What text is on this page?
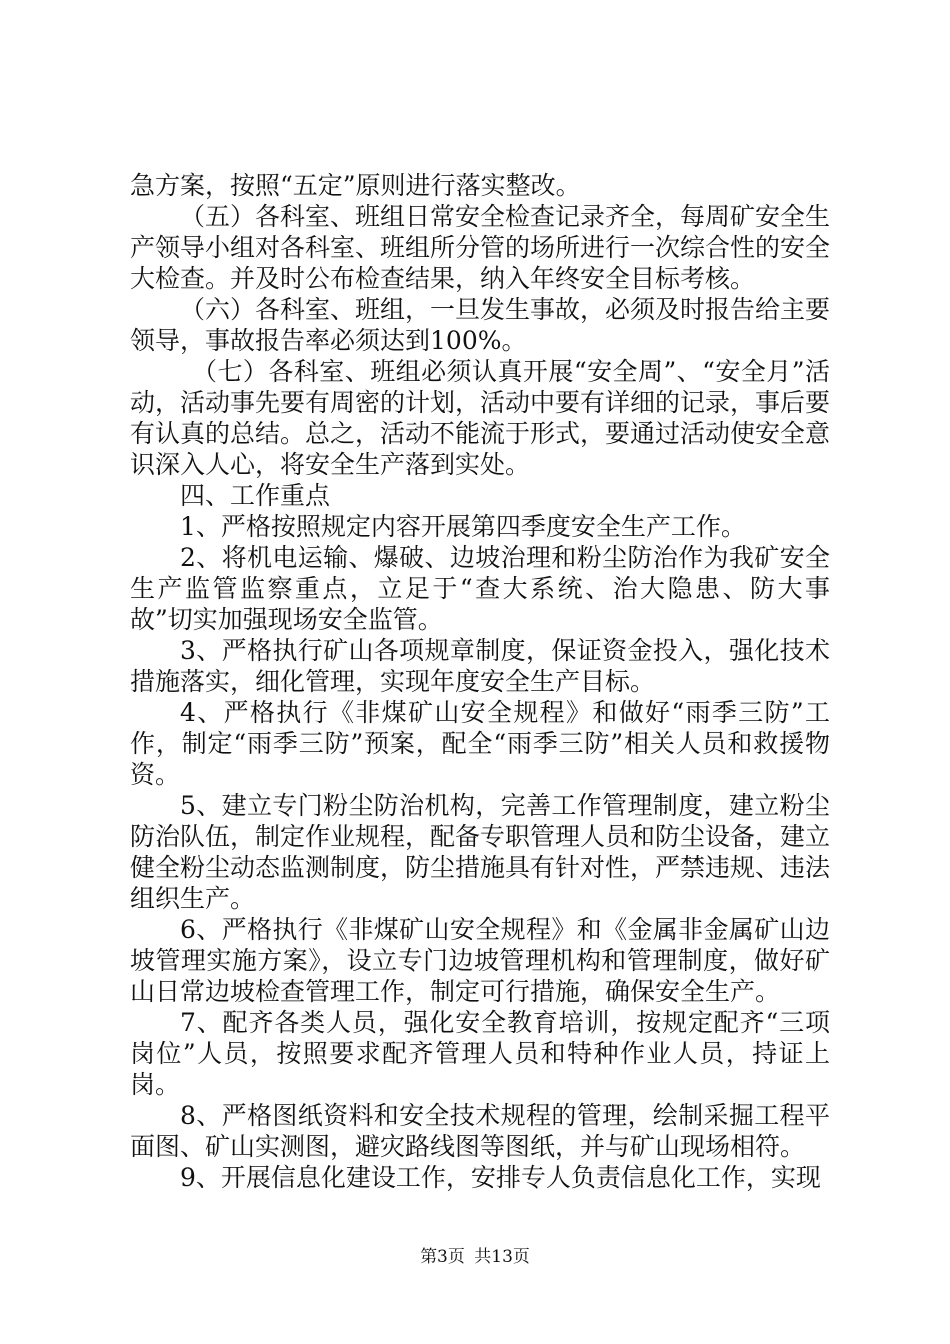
急方案，按照“五定”原则进行落实整改。

（五）各科室、班组日常安全检查记录齐全，每周矿安全生产领导小组对各科室、班组所分管的场所进行一次综合性的安全大检查。并及时公布检查结果，纳入年终安全目标考核。

（六）各科室、班组，一旦发生事故，必须及时报告给主要领导，事故报告率必须达到100%。

（七）各科室、班组必须认真开展“安全周”、“安全月”活动，活动事先要有周密的计划，活动中要有详细的记录，事后要有认真的总结。总之，活动不能流于形式，要通过活动使安全意识深入人心，将安全生产落到实处。

四、工作重点

1、严格按照规定内容开展第四季度安全生产工作。

2、将机电运输、爆破、边坡治理和粉尘防治作为我矿安全生产监管监察重点，立足于“查大系统、治大隐患、防大事故”切实加强现场安全监管。

3、严格执行矿山各项规章制度，保证资金投入，强化技术措施落实，细化管理，实现年度安全生产目标。

4、严格执行《非煤矿山安全规程》和做好“雨季三防”工作，制定“雨季三防”预案，配全“雨季三防”相关人员和救援物资。

5、建立专门粉尘防治机构，完善工作管理制度，建立粉尘防治队伍，制定作业规程，配备专职管理人员和防尘设备，建立健全粉尘动态监测制度，防尘措施具有针对性，严禁违规、违法组织生产。

6、严格执行《非煤矿山安全规程》和《金属非金属矿山边坡管理实施方案》，设立专门边坡管理机构和管理制度，做好矿山日常边坡检查管理工作，制定可行措施，确保安全生产。

7、配齐各类人员，强化安全教育培训，按规定配齐“三项岗位”人员，按照要求配齐管理人员和特种作业人员，持证上岗。

8、严格图纸资料和安全技术规程的管理，绘制采掘工程平面图、矿山实测图，避灾路线图等图纸，并与矿山现场相符。

9、开展信息化建设工作，安排专人负责信息化工作，实现

第3页 共13页
